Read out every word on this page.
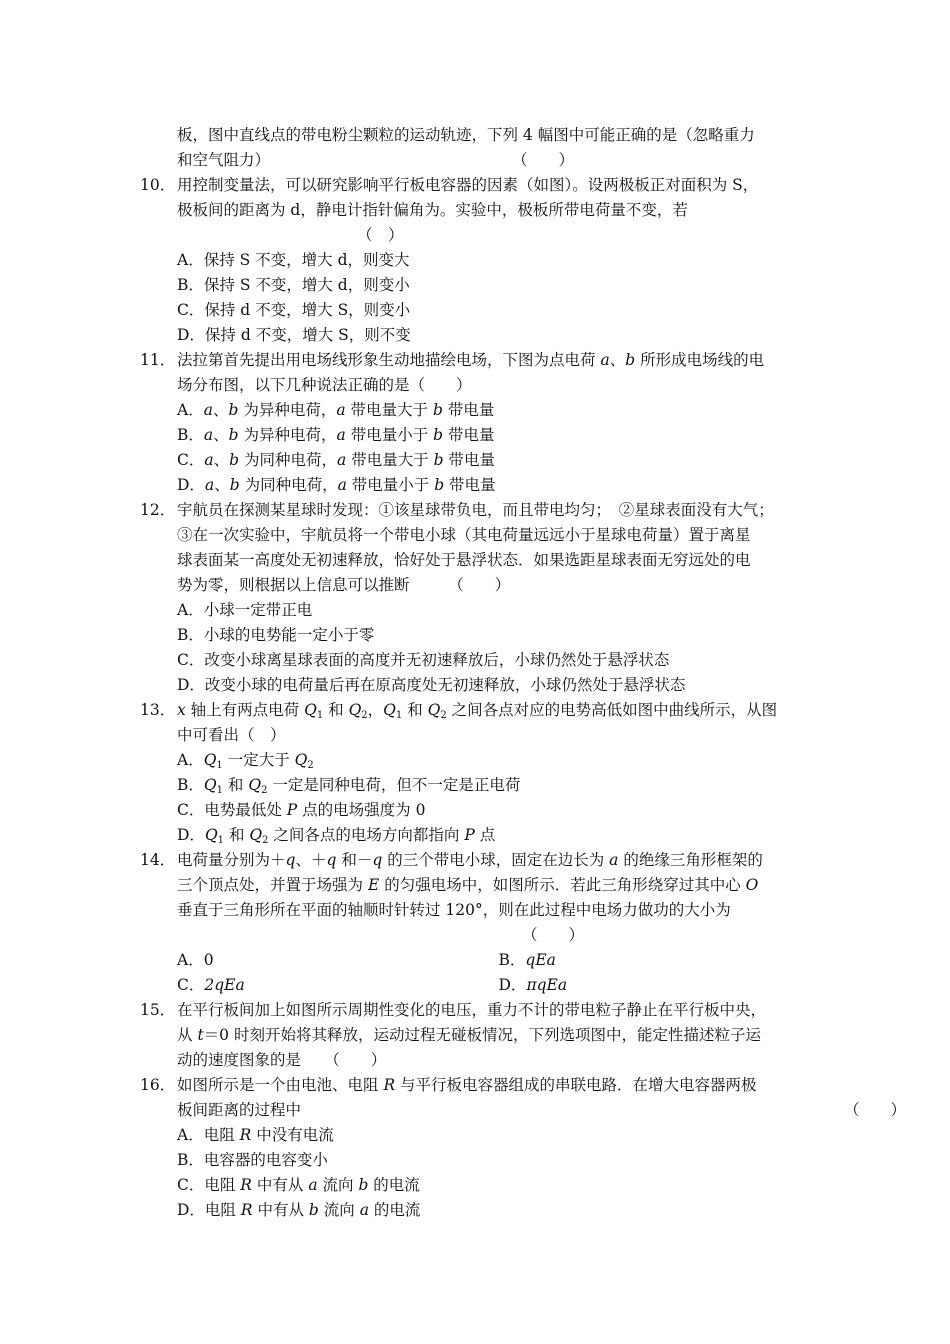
板，图中直线点的带电粉尘颗粒的运动轨迹，下列 4 幅图中可能正确的是（忽略重力
和空气阻力）	（　　）
10． 用控制变量法，可以研究影响平行板电容器的因素（如图）。设两极板正对面积为 S，
极板间的距离为 d，静电计指针偏角为。实验中，极板所带电荷量不变，若
（　）
A．保持 S 不变，增大 d，则变大
B．保持 S 不变，增大 d，则变小
C．保持 d 不变，增大 S，则变小
D．保持 d 不变，增大 S，则不变
11． 法拉第首先提出用电场线形象生动地描绘电场，下图为点电荷 a、b 所形成电场线的电
场分布图，以下几种说法正确的是（　　）
A．a、b 为异种电荷，a 带电量大于 b 带电量
B．a、b 为异种电荷，a 带电量小于 b 带电量
C．a、b 为同种电荷，a 带电量大于 b 带电量
D．a、b 为同种电荷，a 带电量小于 b 带电量
12． 宇航员在探测某星球时发现：①该星球带负电，而且带电均匀；　②星球表面没有大气；
③在一次实验中，宇航员将一个带电小球（其电荷量远远小于星球电荷量）置于离星
球表面某一高度处无初速释放，恰好处于悬浮状态．如果选距星球表面无穷远处的电
势为零，则根据以上信息可以推断　　　（　　）
A．小球一定带正电
B．小球的电势能一定小于零
C．改变小球离星球表面的高度并无初速释放后，小球仍然处于悬浮状态
D．改变小球的电荷量后再在原高度处无初速释放，小球仍然处于悬浮状态
13． x 轴上有两点电荷 $Q_1$ 和 $Q_2$，$Q_1$ 和 $Q_2$ 之间各点对应的电势高低如图中曲线所示，从图
中可看出（　）
A．$Q_1$ 一定大于 $Q_2$
B．$Q_1$ 和 $Q_2$ 一定是同种电荷，但不一定是正电荷
C．电势最低处 P 点的电场强度为 0
D．$Q_1$ 和 $Q_2$ 之间各点的电场方向都指向 P 点
14． 电荷量分别为＋q、＋q 和－q 的三个带电小球，固定在边长为 a 的绝缘三角形框架的
三个顶点处，并置于场强为 E 的匀强电场中，如图所示．若此三角形绕穿过其中心 O
垂直于三角形所在平面的轴顺时针转过 120°，则在此过程中电场力做功的大小为
（　　）
A．0	B．qEa
C．2qEa	D．πqEa
15． 在平行板间加上如图所示周期性变化的电压，重力不计的带电粒子静止在平行板中央，
从 t＝0 时刻开始将其释放，运动过程无碰板情况，下列选项图中，能定性描述粒子运
动的速度图象的是　　（　　）
16． 如图所示是一个由电池、电阻 R 与平行板电容器组成的串联电路．在增大电容器两极
板间距离的过程中	（　　）
A．电阻 R 中没有电流
B．电容器的电容变小
C．电阻 R 中有从 a 流向 b 的电流
D．电阻 R 中有从 b 流向 a 的电流
